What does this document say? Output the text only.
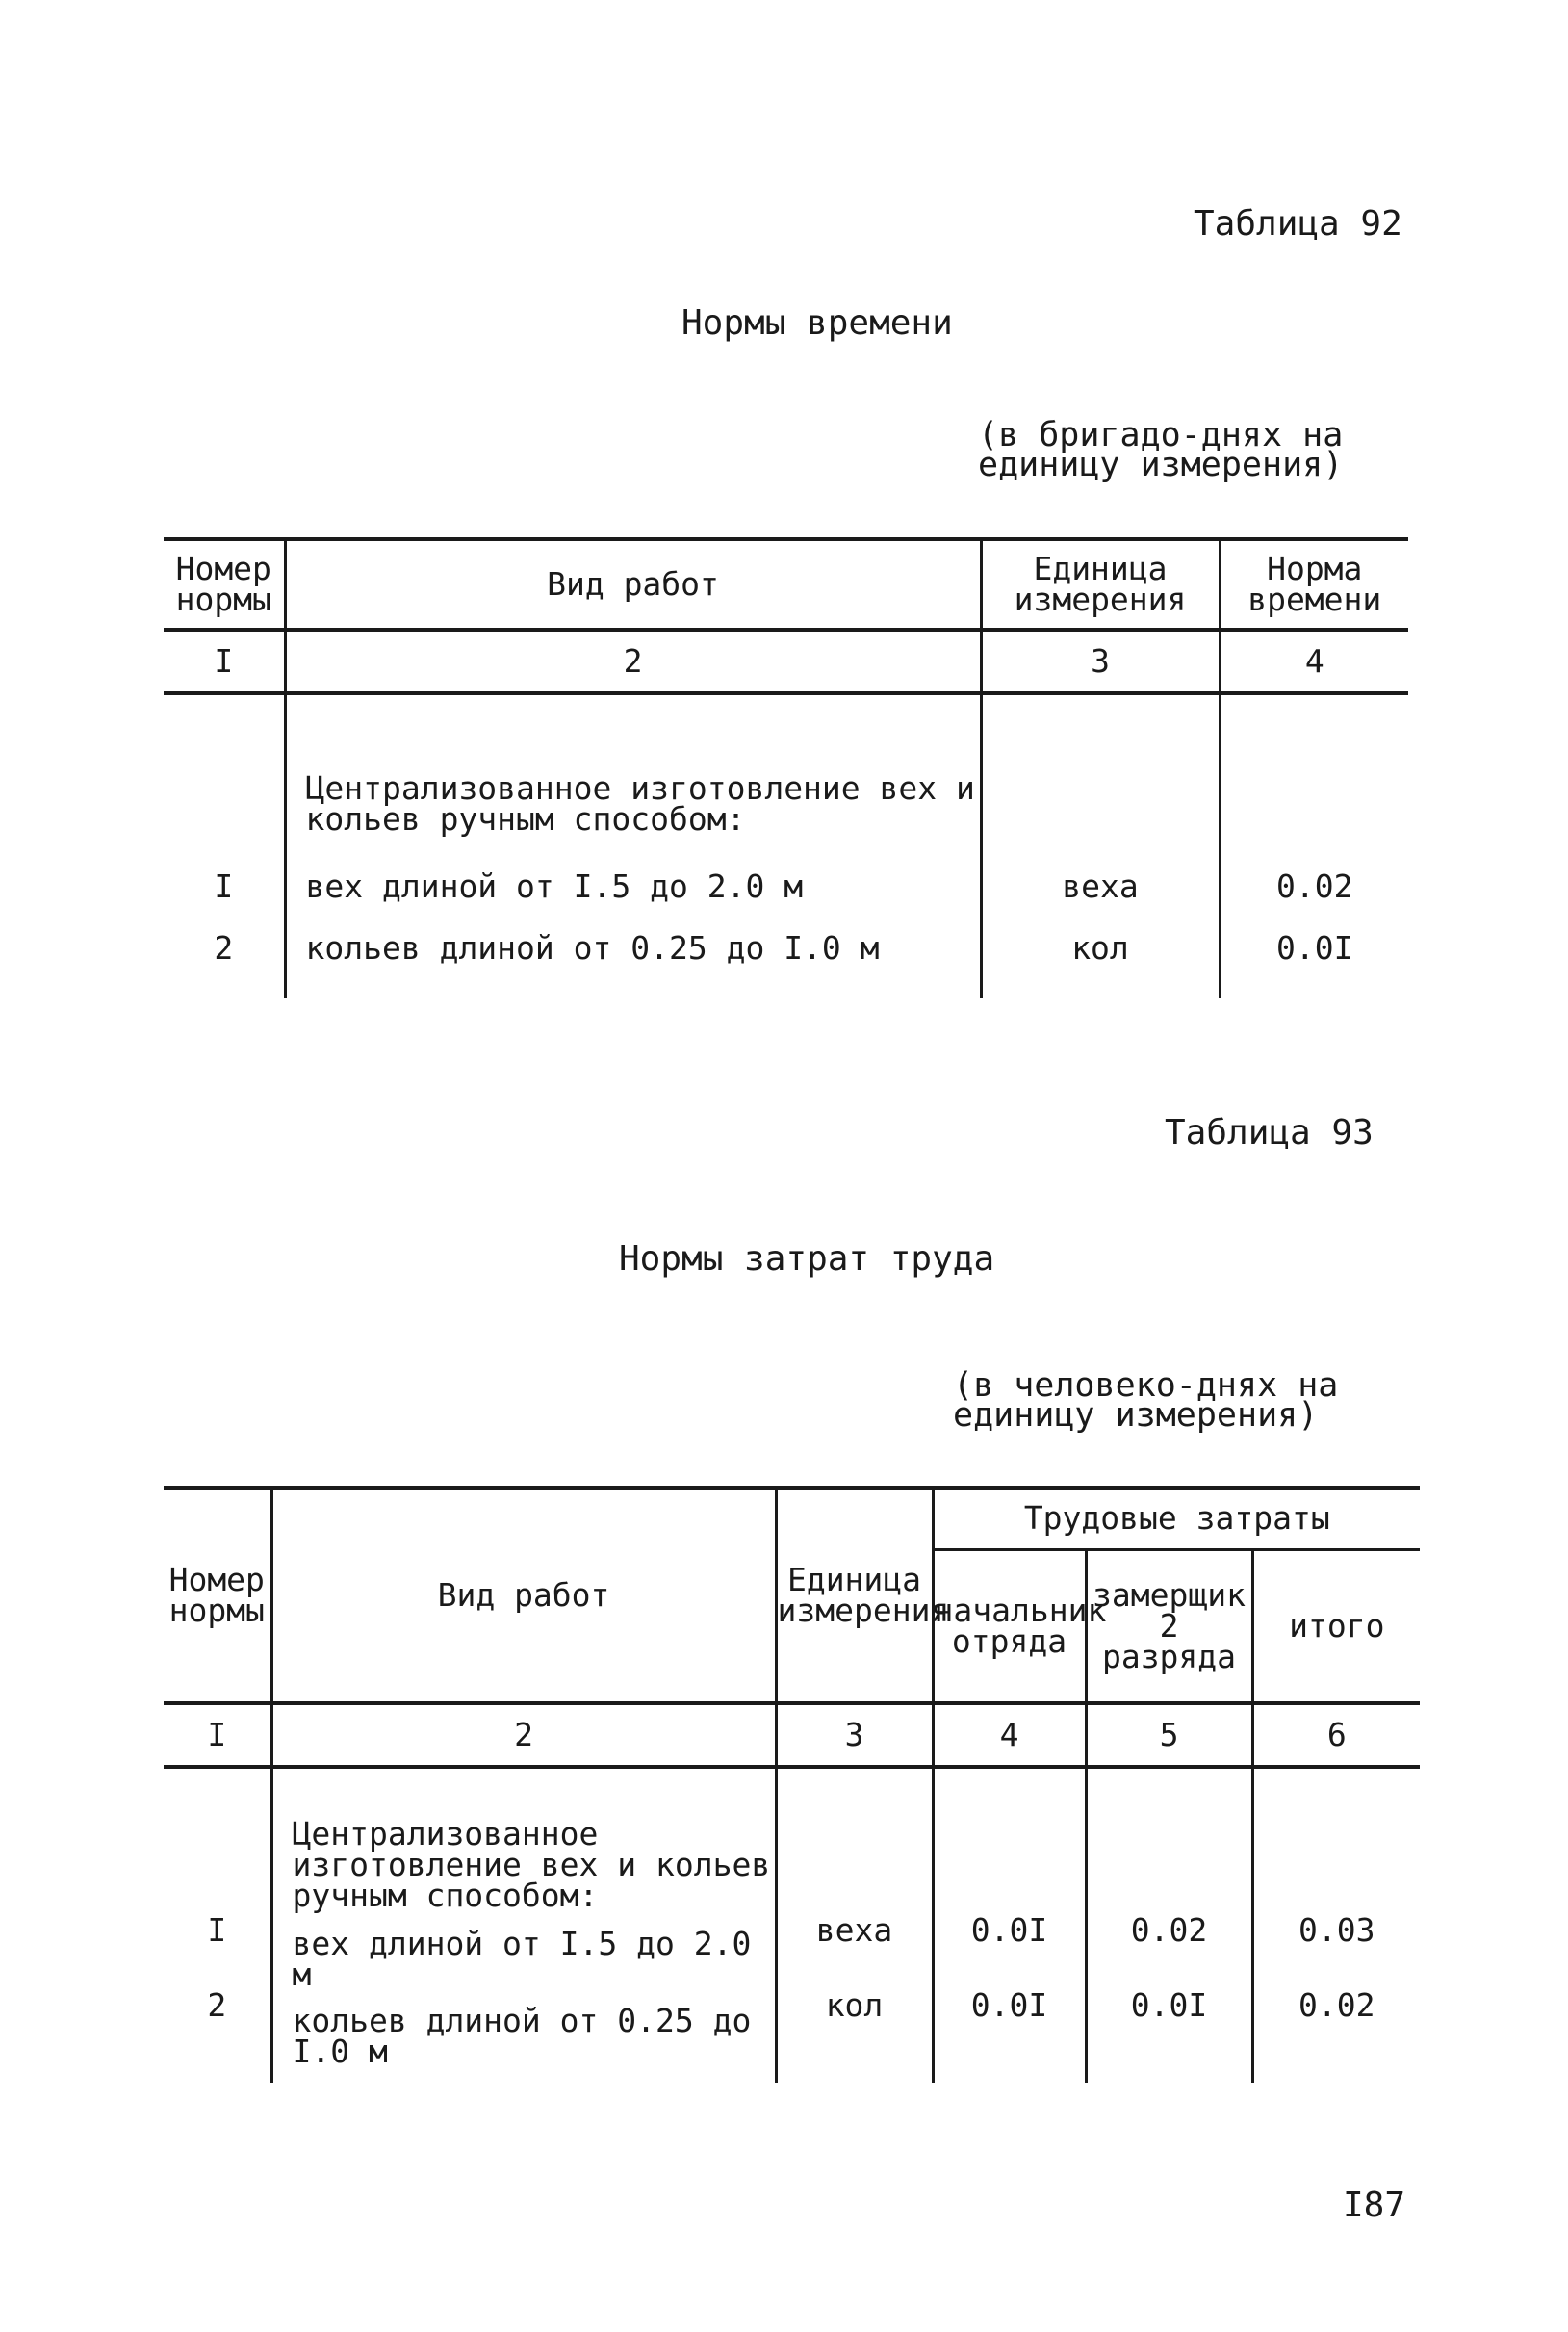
Таблица 92
Нормы времени
(в бригадо-днях на
единицу измерения)
Номер нормы	Вид работ	Единица измерения	Норма времени
I	2	3	4
	Централизованное изготовление вех и кольев ручным способом:		
I	вех длиной от I.5 до 2.0 м	веха	0.02
2	кольев длиной от 0.25 до I.0 м	кол	0.0I

Таблица 93
Нормы затрат труда
(в человеко-днях на
единицу измерения)
Номер нормы	Вид работ	Единица измерения	Трудовые затраты		
			начальник отряда	замерщик 2 разряда	итого
I	2	3	4	5	6
	Централизованное изготовление вех и кольев ручным способом:				
I	вех длиной от I.5 до 2.0 м	веха	0.0I	0.02	0.03
2	кольев длиной от 0.25 до I.0 м	кол	0.0I	0.0I	0.02

I87
